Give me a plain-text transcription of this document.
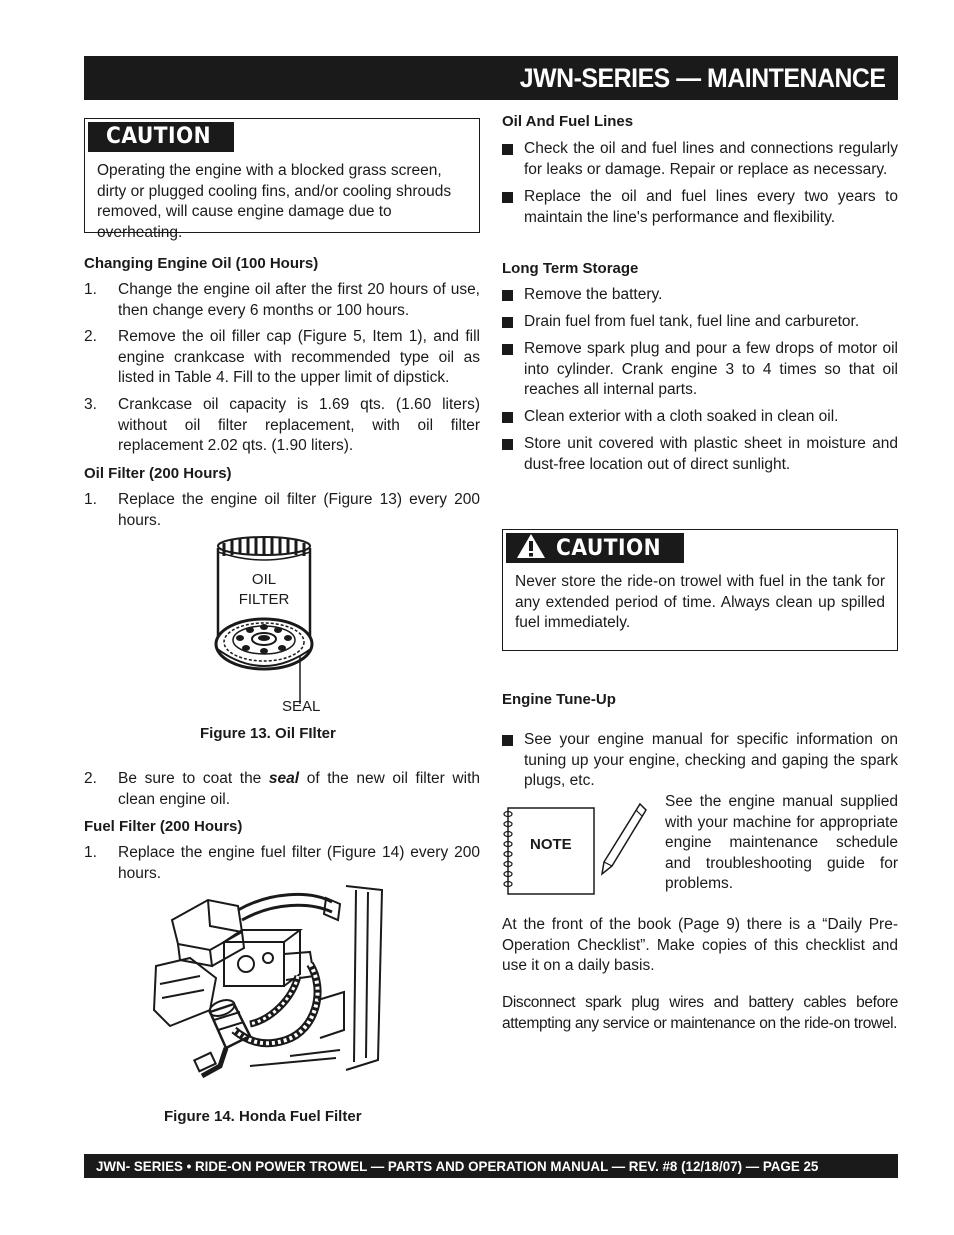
JWN-SERIES — MAINTENANCE
CAUTION

Operating the engine with a blocked grass screen, dirty or plugged cooling fins, and/or cooling shrouds removed, will cause engine damage due to overheating.

Changing Engine Oil (100 Hours)
1. Change the engine oil after the first 20 hours of use, then change every 6 months or 100 hours.
2. Remove the oil filler cap (Figure 5, Item 1), and fill engine crankcase with recommended type oil as listed in Table 4. Fill to the upper limit of dipstick.
3. Crankcase oil capacity is 1.69 qts. (1.60 liters) without oil filter replacement, with oil filter replacement 2.02 qts. (1.90 liters).
Oil Filter (200 Hours)
1. Replace the engine oil filter (Figure 13) every 200 hours.
OIL
FILTER
SEAL
Figure 13. Oil FIlter
2. Be sure to coat the seal of the new oil filter with clean engine oil.
Fuel Filter (200 Hours)
1. Replace the engine fuel filter (Figure 14) every 200 hours.
Figure 14. Honda Fuel Filter
Oil And Fuel Lines
Check the oil and fuel lines and connections regularly for leaks or damage. Repair or replace as necessary.
Replace the oil and fuel lines every two years to maintain the line's performance and flexibility.
Long Term Storage
Remove the battery.
Drain fuel from fuel tank, fuel line and carburetor.
Remove spark plug and pour a few drops of motor oil into cylinder. Crank engine 3 to 4 times so that oil reaches all internal parts.
Clean exterior with a cloth soaked in clean oil.
Store unit covered with plastic sheet in moisture and dust-free location out of direct sunlight.
CAUTION

Never store the ride-on trowel with fuel in the tank for any extended period of time. Always clean up spilled fuel immediately.

Engine Tune-Up
See your engine manual for specific information on tuning up your engine, checking and gaping the spark plugs, etc.
NOTE
See the engine manual supplied with your machine for appropriate engine maintenance schedule and troubleshooting guide for problems.
At the front of the book (Page 9) there is a “Daily Pre-Operation Checklist”. Make copies of this checklist and use it on a daily basis.
Disconnect spark plug wires and battery cables before attempting any service or maintenance on the ride-on trowel.
JWN- SERIES • RIDE-ON POWER TROWEL — PARTS AND OPERATION MANUAL — REV. #8 (12/18/07) — PAGE 25
